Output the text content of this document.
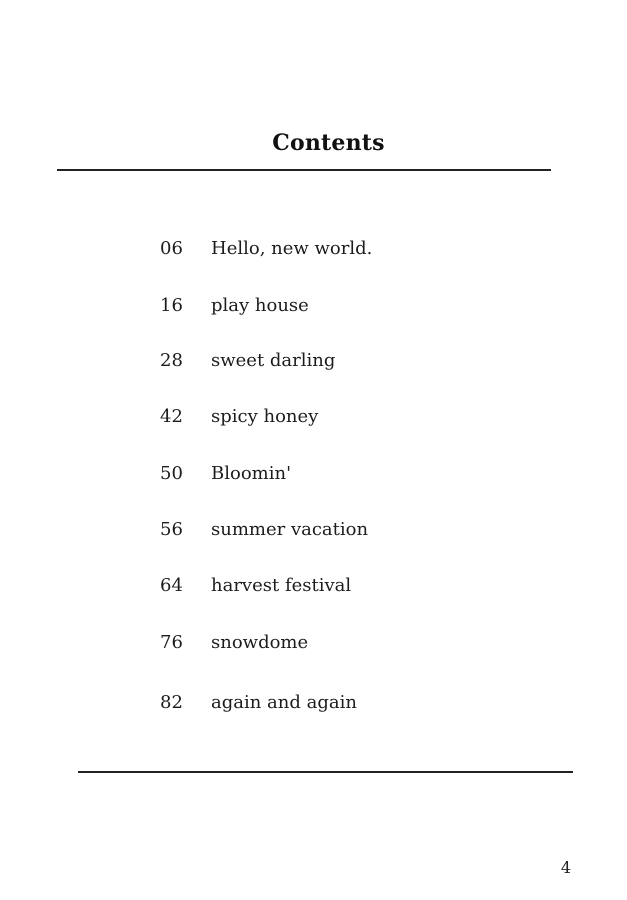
Contents
06	Hello, new world.
16	play house
28	sweet darling
42	spicy honey
50	Bloomin'
56	summer vacation
64	harvest festival
76	snowdome
82	again and again
4
